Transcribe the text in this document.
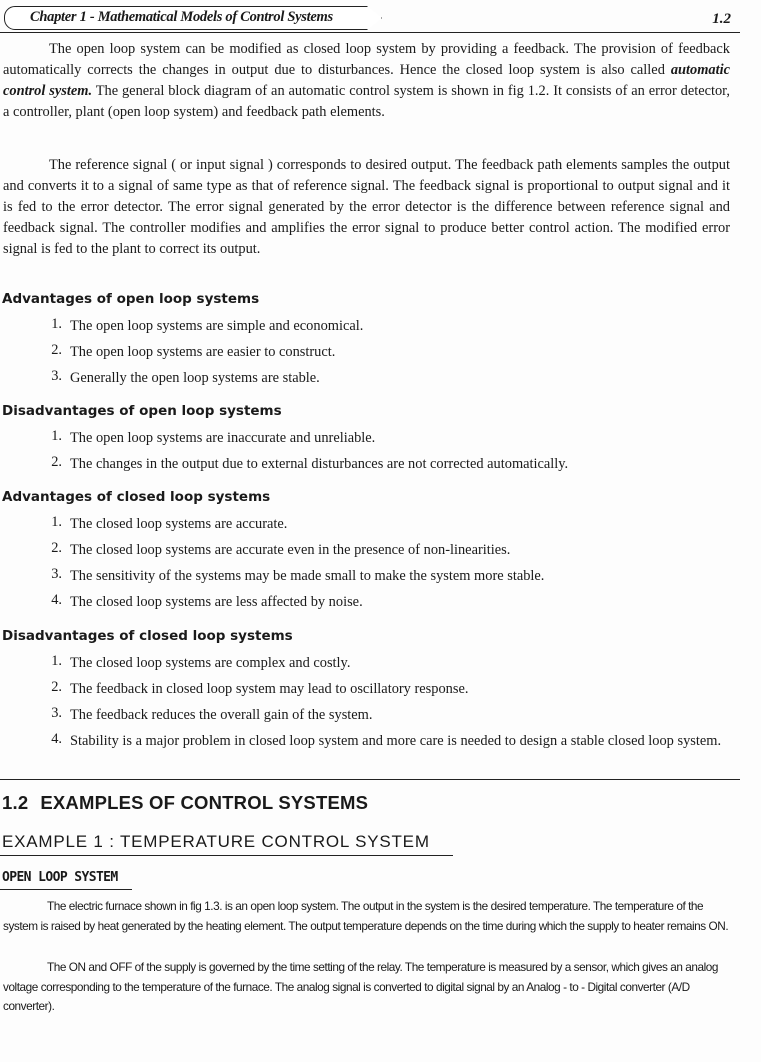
Chapter 1 - Mathematical Models of Control Systems	1.2

The open loop system can be modified as closed loop system by providing a feedback. The provision of feedback automatically corrects the changes in output due to disturbances. Hence the closed loop system is also called automatic control system. The general block diagram of an automatic control system is shown in fig 1.2. It consists of an error detector, a controller, plant (open loop system) and feedback path elements.

The reference signal ( or input signal ) corresponds to desired output. The feedback path elements samples the output and converts it to a signal of same type as that of reference signal. The feedback signal is proportional to output signal and it is fed to the error detector. The error signal generated by the error detector is the difference between reference signal and feedback signal. The controller modifies and amplifies the error signal to produce better control action. The modified error signal is fed to the plant to correct its output.

Advantages of open loop systems
1. The open loop systems are simple and economical.
2. The open loop systems are easier to construct.
3. Generally the open loop systems are stable.
Disadvantages of open loop systems
1. The open loop systems are inaccurate and unreliable.
2. The changes in the output due to external disturbances are not corrected automatically.
Advantages of closed loop systems
1. The closed loop systems are accurate.
2. The closed loop systems are accurate even in the presence of non-linearities.
3. The sensitivity of the systems may be made small to make the system more stable.
4. The closed loop systems are less affected by noise.
Disadvantages of closed loop systems
1. The closed loop systems are complex and costly.
2. The feedback in closed loop system may lead to oscillatory response.
3. The feedback reduces the overall gain of the system.
4. Stability is a major problem in closed loop system and more care is needed to design a stable closed loop system.
1.2 EXAMPLES OF CONTROL SYSTEMS
EXAMPLE 1 : TEMPERATURE CONTROL SYSTEM
OPEN LOOP SYSTEM

The electric furnace shown in fig 1.3. is an open loop system. The output in the system is the desired temperature. The temperature of the system is raised by heat generated by the heating element. The output temperature depends on the time during which the supply to heater remains ON.

The ON and OFF of the supply is governed by the time setting of the relay. The temperature is measured by a sensor, which gives an analog voltage corresponding to the temperature of the furnace. The analog signal is converted to digital signal by an Analog - to - Digital converter (A/D converter).
